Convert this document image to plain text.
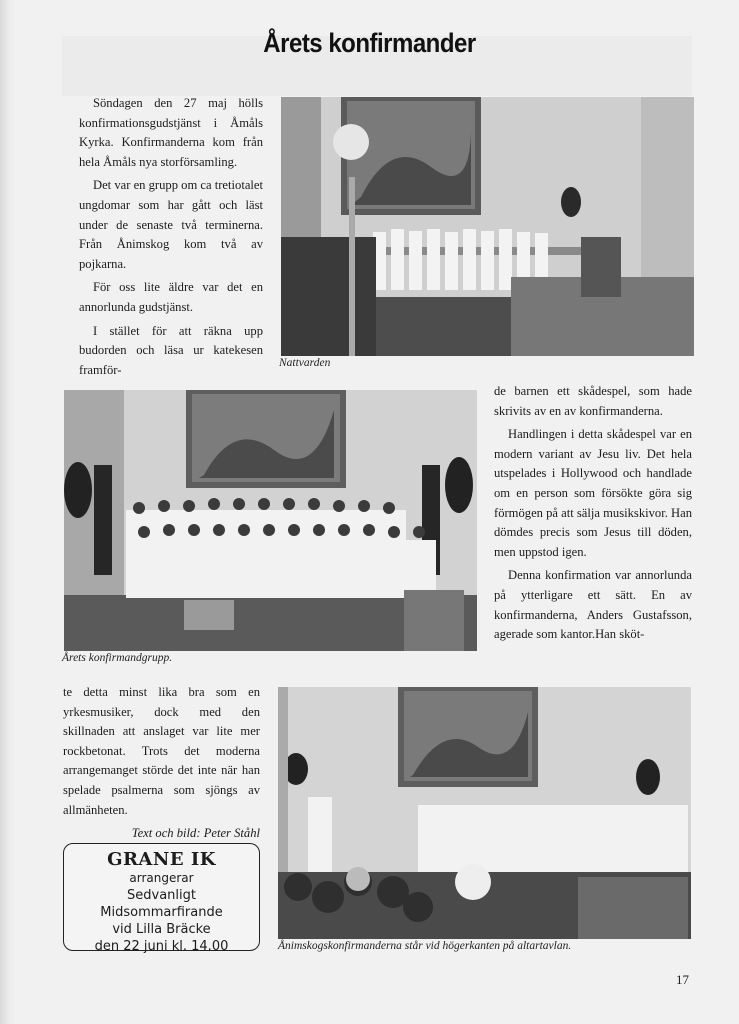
Årets konfirmander

Söndagen den 27 maj hölls konfirmationsgudstjänst i Åmåls Kyrka. Konfirmanderna kom från hela Åmåls nya storförsamling.

Det var en grupp om ca tretiotalet ungdomar som har gått och läst under de senaste två terminerna. Från Ånimskog kom två av pojkarna.

För oss lite äldre var det en annorlunda gudstjänst.

I stället för att räkna upp budorden och läsa ur katekesen framför-	Nattvarden
Årets konfirmandgrupp.

de barnen ett skådespel, som hade skrivits av en av konfirmanderna.

Handlingen i detta skådespel var en modern variant av Jesu liv. Det hela utspelades i Hollywood och handlade om en person som försökte göra sig förmögen på att sälja musikskivor. Han dömdes precis som Jesus till döden, men uppstod igen.

Denna konfirmation var annorlunda på ytterligare ett sätt. En av konfirmanderna, Anders Gustafsson, agerade som kantor.Han sköt-

te detta minst lika bra som en yrkesmusiker, dock med den skillnaden att anslaget var lite mer rockbetonat. Trots det moderna arrangemanget störde det inte när han spelade psalmerna som sjöngs av allmänheten.

Text och bild: Peter Ståhl
GRANE IK
arrangerar
Sedvanligt Midsommarfirande
vid Lilla Bräcke
den 22 juni kl. 14.00	Ånimskogskonfirmanderna står vid högerkanten på altartavlan.
17
